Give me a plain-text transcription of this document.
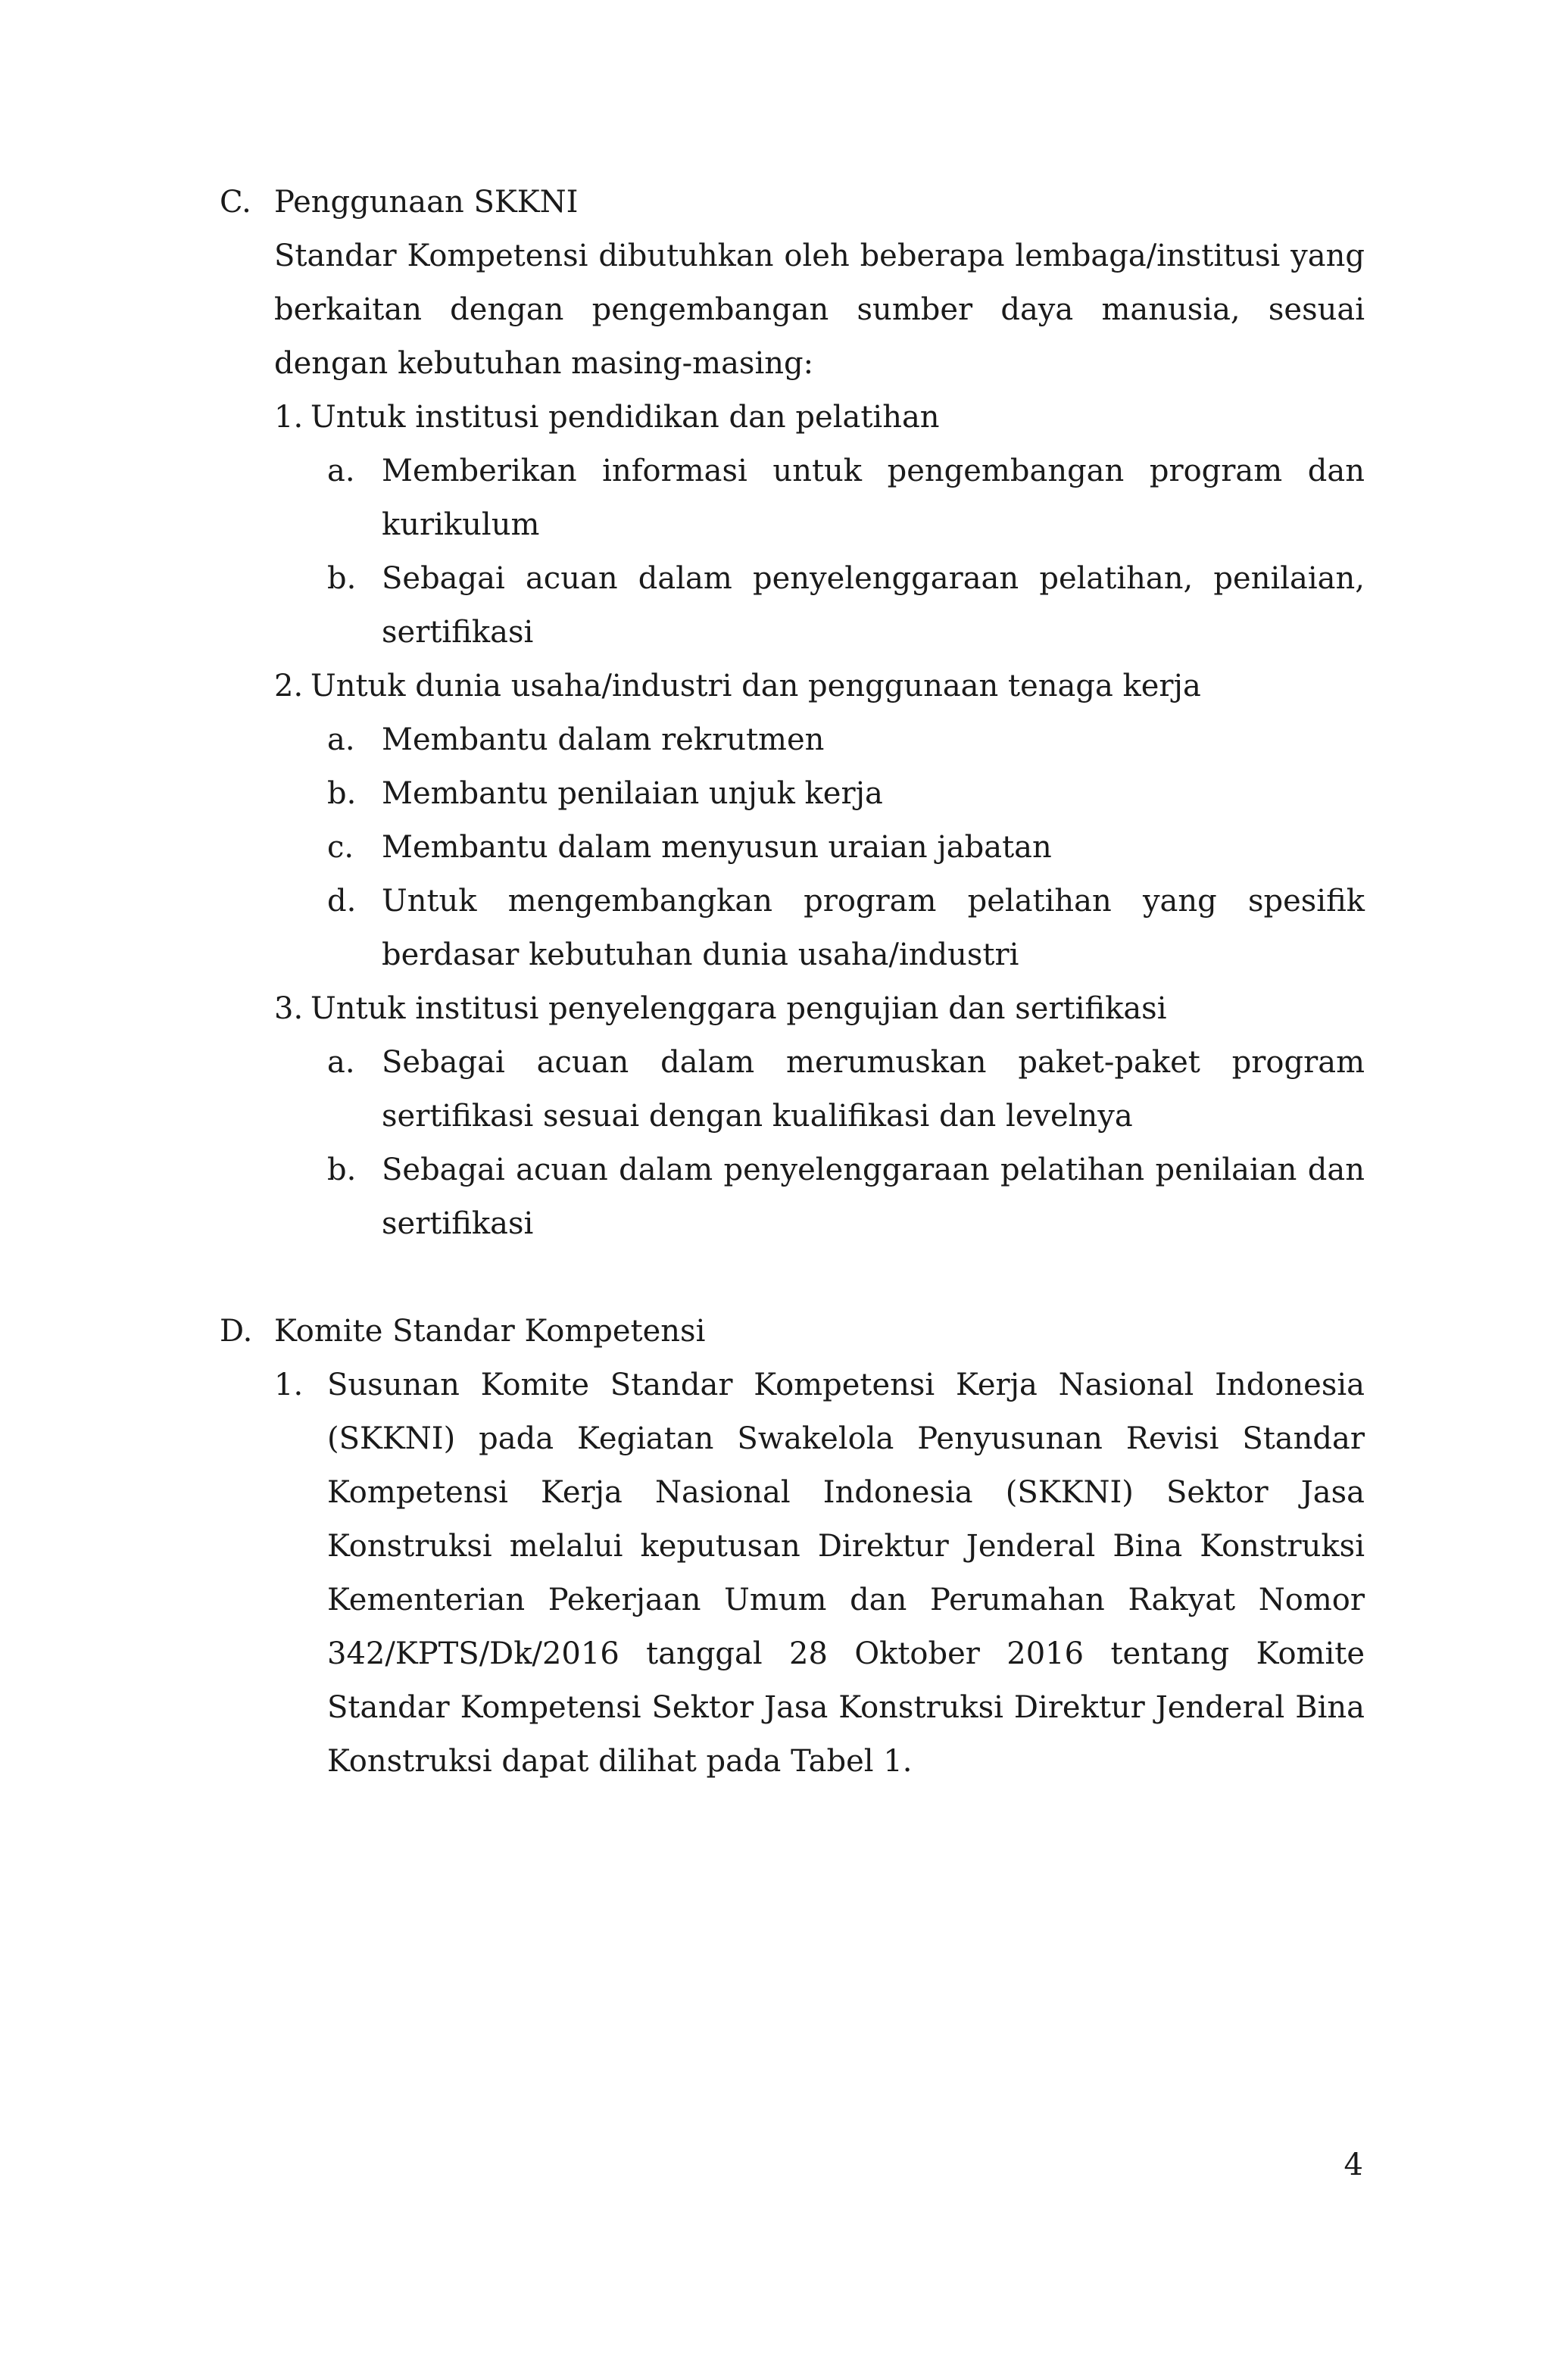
C. Penggunaan SKKNI
Standar Kompetensi dibutuhkan oleh beberapa lembaga/institusi yang berkaitan dengan pengembangan sumber daya manusia, sesuai dengan kebutuhan masing-masing:
1. Untuk institusi pendidikan dan pelatihan
a. Memberikan informasi untuk pengembangan program dan kurikulum
b. Sebagai acuan dalam penyelenggaraan pelatihan, penilaian, sertifikasi
2. Untuk dunia usaha/industri dan penggunaan tenaga kerja
a. Membantu dalam rekrutmen
b. Membantu penilaian unjuk kerja
c. Membantu dalam menyusun uraian jabatan
d. Untuk mengembangkan program pelatihan yang spesifik berdasar kebutuhan dunia usaha/industri
3. Untuk institusi penyelenggara pengujian dan sertifikasi
a. Sebagai acuan dalam merumuskan paket-paket program sertifikasi sesuai dengan kualifikasi dan levelnya
b. Sebagai acuan dalam penyelenggaraan pelatihan penilaian dan sertifikasi
D. Komite Standar Kompetensi
1. Susunan Komite Standar Kompetensi Kerja Nasional Indonesia (SKKNI) pada Kegiatan Swakelola Penyusunan Revisi Standar Kompetensi Kerja Nasional Indonesia (SKKNI) Sektor Jasa Konstruksi melalui keputusan Direktur Jenderal Bina Konstruksi Kementerian Pekerjaan Umum dan Perumahan Rakyat Nomor 342/KPTS/Dk/2016 tanggal 28 Oktober 2016 tentang Komite Standar Kompetensi Sektor Jasa Konstruksi Direktur Jenderal Bina Konstruksi dapat dilihat pada Tabel 1.
4
